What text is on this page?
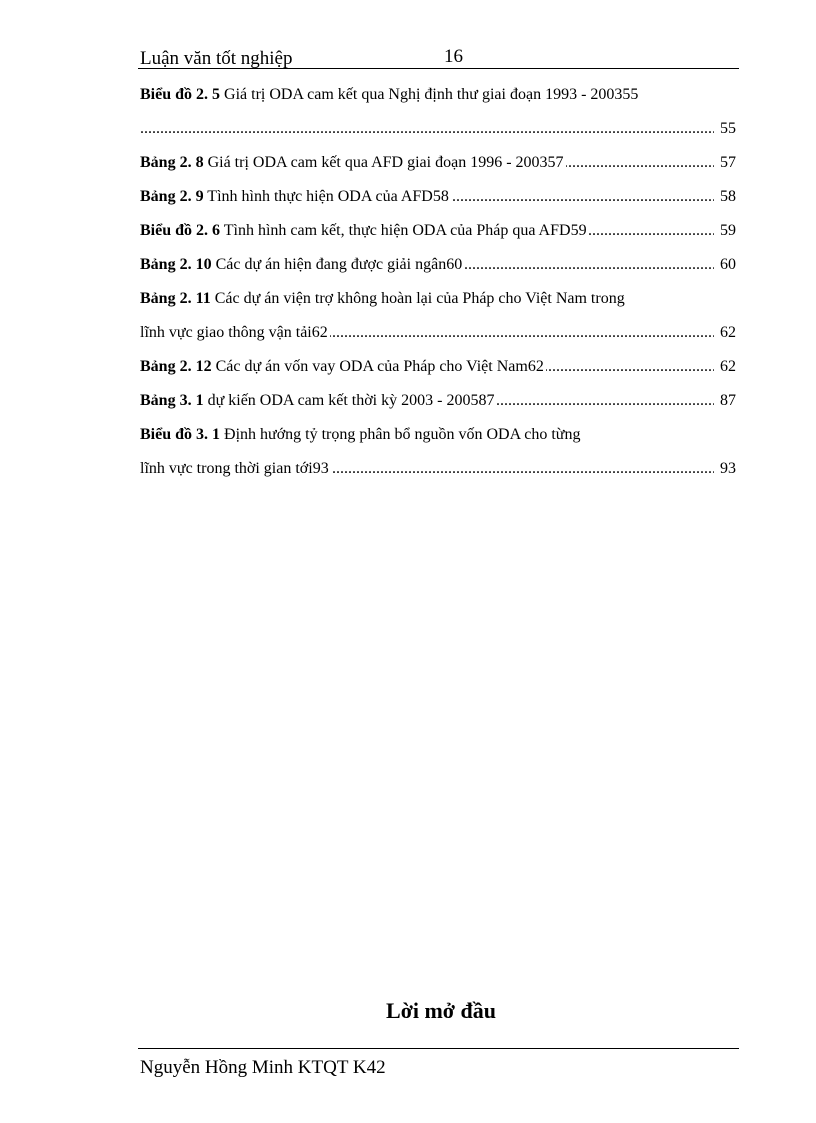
Luận văn tốt nghiệp	16
Biểu đồ 2. 5 Giá trị ODA cam kết qua Nghị định thư giai đoạn 1993 - 200355
.....
55
.....
Bảng 2. 8 Giá trị ODA cam kết qua AFD giai đoạn 1996 - 200357	57
.....
Bảng 2. 9 Tình hình thực hiện ODA của AFD58	58
.....
Biểu đồ 2. 6 Tình hình cam kết, thực hiện ODA của Pháp qua AFD59	59
.....
Bảng 2. 10 Các dự án hiện đang được giải ngân60	60
Bảng 2. 11 Các dự án viện trợ không hoàn lại của Pháp cho Việt Nam trong
.....
lĩnh vực giao thông vận tải62	62
.....
Bảng 2. 12 Các dự án vốn vay ODA của Pháp cho Việt Nam62	62
.....
Bảng 3. 1 dự kiến ODA cam kết thời kỳ 2003 - 200587	87
Biểu đồ 3. 1 Định hướng tỷ trọng phân bổ nguồn vốn ODA cho từng
.....
lĩnh vực trong thời gian tới93	93
Lời mở đầu
Nguyễn Hồng Minh KTQT K42
